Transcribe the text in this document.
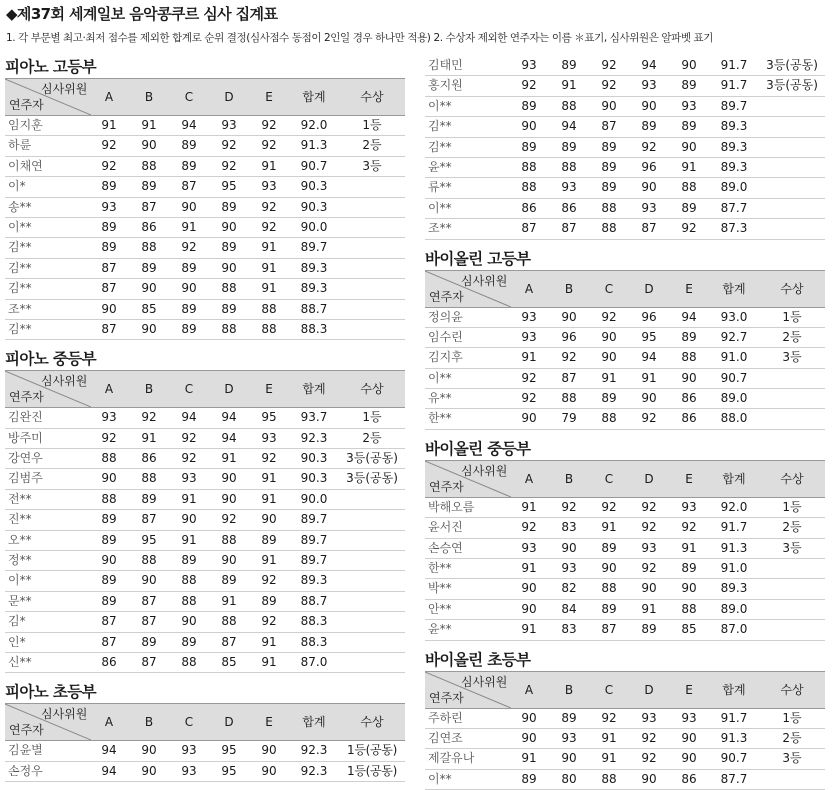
◆제37회 세계일보 음악콩쿠르 심사 집계표
1. 각 부문별 최고·최저 점수를 제외한 합계로 순위 결정(심사점수 동점이 2인일 경우 하나만 적용) 2. 수상자 제외한 연주자는 이름 ＊표기, 심사위원은 알파벳 표기
피아노 고등부
심사위원
연주자
A	B	C	D	E	합계	수상
임지훈	91	91	94	93	92	92.0	1등
하륜	92	90	89	92	92	91.3	2등
이채연	92	88	89	92	91	90.7	3등
이*	89	89	87	95	93	90.3
송**	93	87	90	89	92	90.3
이**	89	86	91	90	92	90.0
김**	89	88	92	89	91	89.7
김**	87	89	89	90	91	89.3
김**	87	90	90	88	91	89.3
조**	90	85	89	89	88	88.7
김**	87	90	89	88	88	88.3
피아노 중등부
심사위원
연주자
A	B	C	D	E	합계	수상
김완진	93	92	94	94	95	93.7	1등
방주미	92	91	92	94	93	92.3	2등
강연우	88	86	92	91	92	90.3	3등(공동)
김범주	90	88	93	90	91	90.3	3등(공동)
전**	88	89	91	90	91	90.0
진**	89	87	90	92	90	89.7
오**	89	95	91	88	89	89.7
정**	90	88	89	90	91	89.7
이**	89	90	88	89	92	89.3
문**	89	87	88	91	89	88.7
김*	87	87	90	88	92	88.3
인*	87	89	89	87	91	88.3
신**	86	87	88	85	91	87.0
피아노 초등부
심사위원
연주자
A	B	C	D	E	합계	수상
김윤별	94	90	93	95	90	92.3	1등(공동)
손정우	94	90	93	95	90	92.3	1등(공동)
김태민	93	89	92	94	90	91.7	3등(공동)
홍지원	92	91	92	93	89	91.7	3등(공동)
이**	89	88	90	90	93	89.7
김**	90	94	87	89	89	89.3
김**	89	89	89	92	90	89.3
윤**	88	88	89	96	91	89.3
류**	88	93	89	90	88	89.0
이**	86	86	88	93	89	87.7
조**	87	87	88	87	92	87.3
바이올린 고등부
심사위원
연주자
A	B	C	D	E	합계	수상
정의윤	93	90	92	96	94	93.0	1등
임수린	93	96	90	95	89	92.7	2등
김지후	91	92	90	94	88	91.0	3등
이**	92	87	91	91	90	90.7
유**	92	88	89	90	86	89.0
한**	90	79	88	92	86	88.0
바이올린 중등부
심사위원
연주자
A	B	C	D	E	합계	수상
박해오름	91	92	92	92	93	92.0	1등
윤서진	92	83	91	92	92	91.7	2등
손승연	93	90	89	93	91	91.3	3등
한**	91	93	90	92	89	91.0
박**	90	82	88	90	90	89.3
안**	90	84	89	91	88	89.0
윤**	91	83	87	89	85	87.0
바이올린 초등부
심사위원
연주자
A	B	C	D	E	합계	수상
주하린	90	89	92	93	93	91.7	1등
김연조	90	93	91	92	90	91.3	2등
제갈유나	91	90	91	92	90	90.7	3등
이**	89	80	88	90	86	87.7
